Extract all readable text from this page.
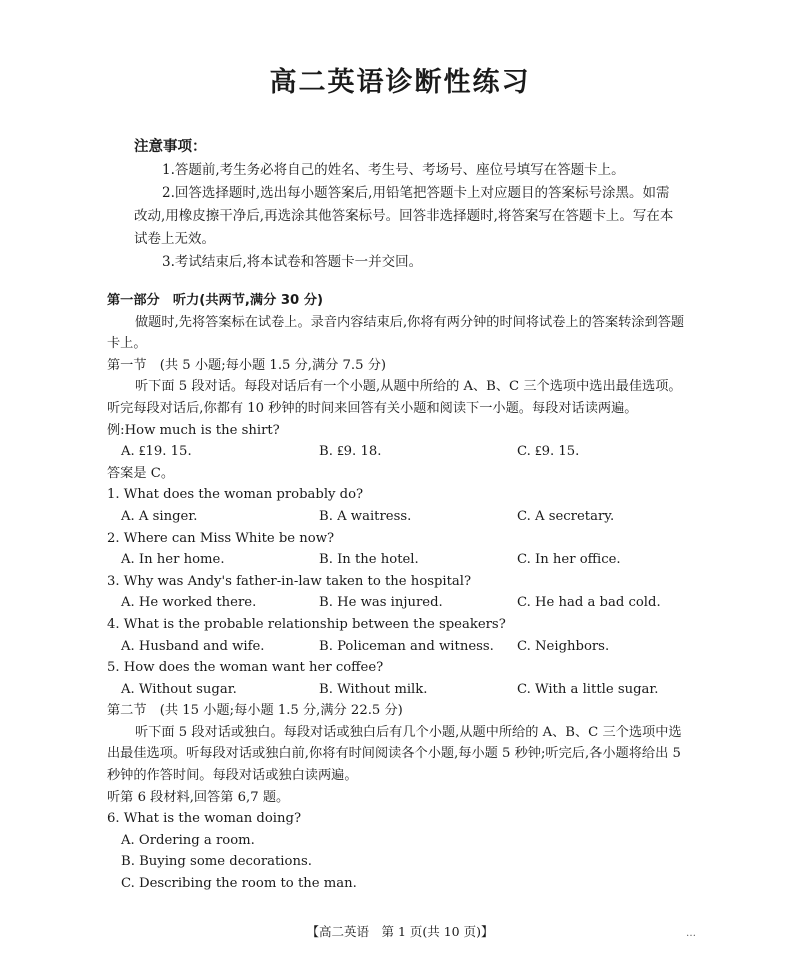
高二英语诊断性练习
注意事项：

1.答题前,考生务必将自己的姓名、考生号、考场号、座位号填写在答题卡上。

2.回答选择题时,选出每小题答案后,用铅笔把答题卡上对应题目的答案标号涂黑。如需改动,用橡皮擦干净后,再选涂其他答案标号。回答非选择题时,将答案写在答题卡上。写在本试卷上无效。

3.考试结束后,将本试卷和答题卡一并交回。

第一部分　听力(共两节,满分 30 分)

做题时,先将答案标在试卷上。录音内容结束后,你将有两分钟的时间将试卷上的答案转涂到答题卡上。

第一节　(共 5 小题;每小题 1.5 分,满分 7.5 分)

听下面 5 段对话。每段对话后有一个小题,从题中所给的 A、B、C 三个选项中选出最佳选项。听完每段对话后,你都有 10 秒钟的时间来回答有关小题和阅读下一小题。每段对话读两遍。

例:How much is the shirt?

A. ₤19. 15.	B. ₤9. 18.	C. ₤9. 15.

答案是 C。

1. What does the woman probably do?

A. A singer.	B. A waitress.	C. A secretary.

2. Where can Miss White be now?

A. In her home.	B. In the hotel.	C. In her office.

3. Why was Andy's father-in-law taken to the hospital?

A. He worked there.	B. He was injured.	C. He had a bad cold.

4. What is the probable relationship between the speakers?

A. Husband and wife.	B. Policeman and witness.	C. Neighbors.

5. How does the woman want her coffee?

A. Without sugar.	B. Without milk.	C. With a little sugar.

第二节　(共 15 小题;每小题 1.5 分,满分 22.5 分)

听下面 5 段对话或独白。每段对话或独白后有几个小题,从题中所给的 A、B、C 三个选项中选出最佳选项。听每段对话或独白前,你将有时间阅读各个小题,每小题 5 秒钟;听完后,各小题将给出 5 秒钟的作答时间。每段对话或独白读两遍。

听第 6 段材料,回答第 6,7 题。

6. What is the woman doing?

A. Ordering a room.

B. Buying some decorations.

C. Describing the room to the man.

【高二英语　第 1 页(共 10 页)】	…
